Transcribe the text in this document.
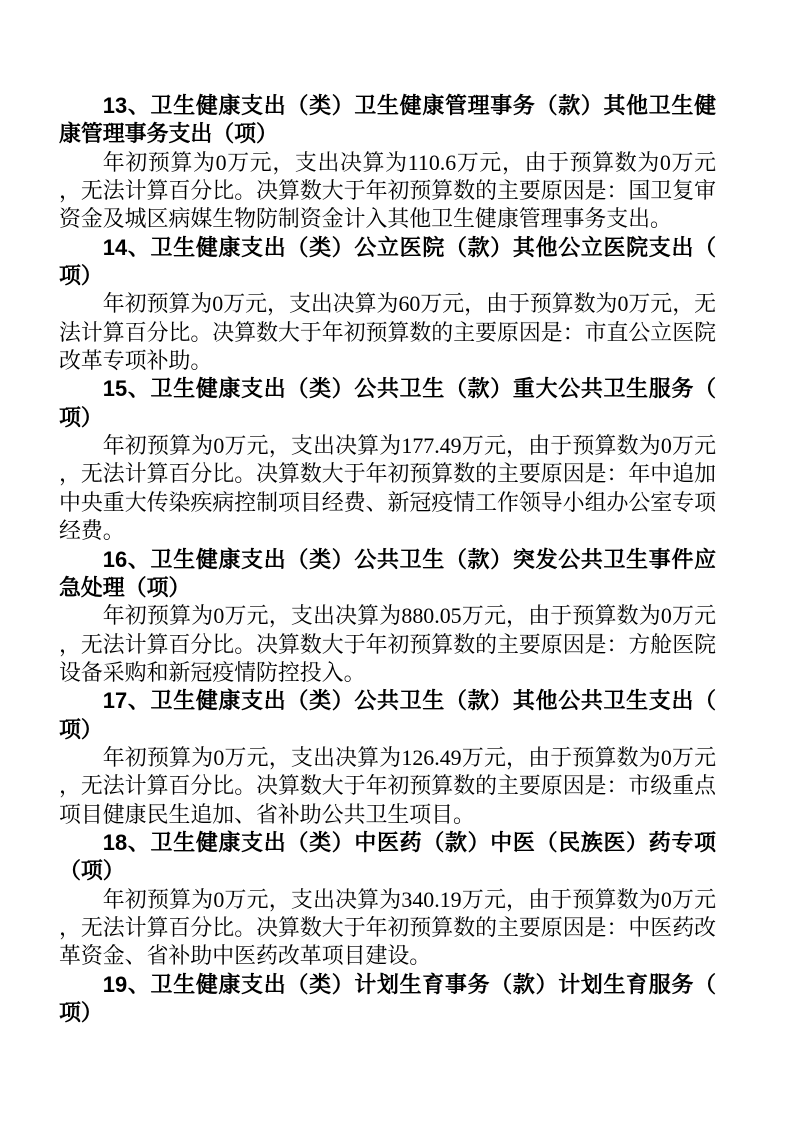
13、卫生健康支出（类）卫生健康管理事务（款）其他卫生健康管理事务支出（项）

年初预算为0万元，支出决算为110.6万元，由于预算数为0万元，无法计算百分比。决算数大于年初预算数的主要原因是：国卫复审资金及城区病媒生物防制资金计入其他卫生健康管理事务支出。

14、卫生健康支出（类）公立医院（款）其他公立医院支出（项）

年初预算为0万元，支出决算为60万元，由于预算数为0万元，无法计算百分比。决算数大于年初预算数的主要原因是：市直公立医院改革专项补助。

15、卫生健康支出（类）公共卫生（款）重大公共卫生服务（项）

年初预算为0万元，支出决算为177.49万元，由于预算数为0万元，无法计算百分比。决算数大于年初预算数的主要原因是：年中追加中央重大传染疾病控制项目经费、新冠疫情工作领导小组办公室专项经费。

16、卫生健康支出（类）公共卫生（款）突发公共卫生事件应急处理（项）

年初预算为0万元，支出决算为880.05万元，由于预算数为0万元，无法计算百分比。决算数大于年初预算数的主要原因是：方舱医院设备采购和新冠疫情防控投入。

17、卫生健康支出（类）公共卫生（款）其他公共卫生支出（项）

年初预算为0万元，支出决算为126.49万元，由于预算数为0万元，无法计算百分比。决算数大于年初预算数的主要原因是：市级重点项目健康民生追加、省补助公共卫生项目。

18、卫生健康支出（类）中医药（款）中医（民族医）药专项（项）

年初预算为0万元，支出决算为340.19万元，由于预算数为0万元，无法计算百分比。决算数大于年初预算数的主要原因是：中医药改革资金、省补助中医药改革项目建设。

19、卫生健康支出（类）计划生育事务（款）计划生育服务（项）
